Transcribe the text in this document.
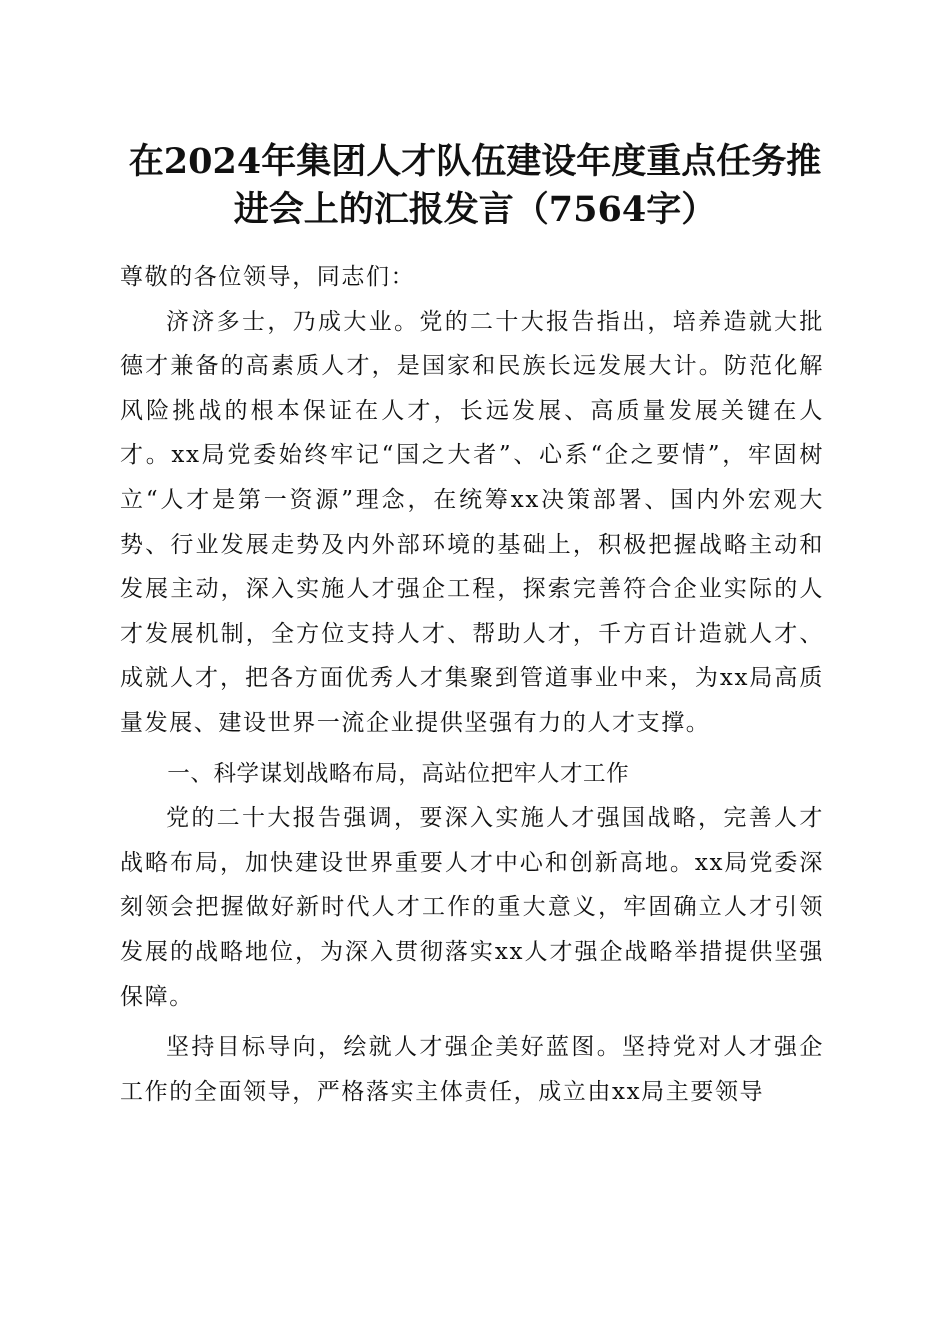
在2024年集团人才队伍建设年度重点任务推
进会上的汇报发言（7564字）

尊敬的各位领导，同志们：

济济多士，乃成大业。党的二十大报告指出，培养造就大批德才兼备的高素质人才，是国家和民族长远发展大计。防范化解风险挑战的根本保证在人才，长远发展、高质量发展关键在人才。xx局党委始终牢记“国之大者”、心系“企之要情”，牢固树立“人才是第一资源”理念，在统筹xx决策部署、国内外宏观大势、行业发展走势及内外部环境的基础上，积极把握战略主动和发展主动，深入实施人才强企工程，探索完善符合企业实际的人才发展机制，全方位支持人才、帮助人才，千方百计造就人才、成就人才，把各方面优秀人才集聚到管道事业中来，为xx局高质量发展、建设世界一流企业提供坚强有力的人才支撑。

一、科学谋划战略布局，高站位把牢人才工作

党的二十大报告强调，要深入实施人才强国战略，完善人才战略布局，加快建设世界重要人才中心和创新高地。xx局党委深刻领会把握做好新时代人才工作的重大意义，牢固确立人才引领发展的战略地位，为深入贯彻落实xx人才强企战略举措提供坚强保障。

坚持目标导向，绘就人才强企美好蓝图。坚持党对人才强企工作的全面领导，严格落实主体责任，成立由xx局主要领导
